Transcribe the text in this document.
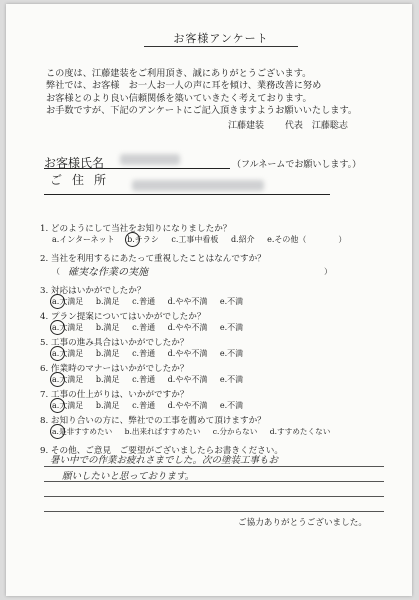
お客様アンケート
この度は、江藤建装をご利用頂き、誠にありがとうございます。
弊社では、お客様　お一人お一人の声に耳を傾け、業務改善に努め
お客様とのより良い信頼関係を築いていきたく考えております。
お手数ですが、下記のアンケートにご記入頂きますようお願いいたします。
江藤建装 代表　江藤聡志
お客様氏名	（フルネームでお願いします。）
ご住所
1. どのようにして当社をお知りになりましたか？
a.インターネット b.チラシ c.工事中看板 d.紹介 e.その他（　　　　）
2. 当社を利用するにあたって重視したことはなんですか？
（ 確実な作業の実施	）
3. 対応はいかがでしたか？
a.大満足 b.満足 c.普通 d.やや不満 e.不満
4. プラン提案についてはいかがでしたか？
a.大満足 b.満足 c.普通 d.やや不満 e.不満
5. 工事の進み具合はいかがでしたか？
a.大満足 b.満足 c.普通 d.やや不満 e.不満
6. 作業時のマナーはいかがでしたか？
a.大満足 b.満足 c.普通 d.やや不満 e.不満
7. 工事の仕上がりは、いかがですか？
a.大満足 b.満足 c.普通 d.やや不満 e.不満
8. お知り合いの方に、弊社での工事を薦めて頂けますか？
a.是非すすめたい b.出来ればすすめたい c.分からない d.すすめたくない
9. その他、ご意見　ご要望がございましたらお書きください。
暑い中での作業お疲れさまでした。次の塗装工事もお
願いしたいと思っております。
ご協力ありがとうございました。
